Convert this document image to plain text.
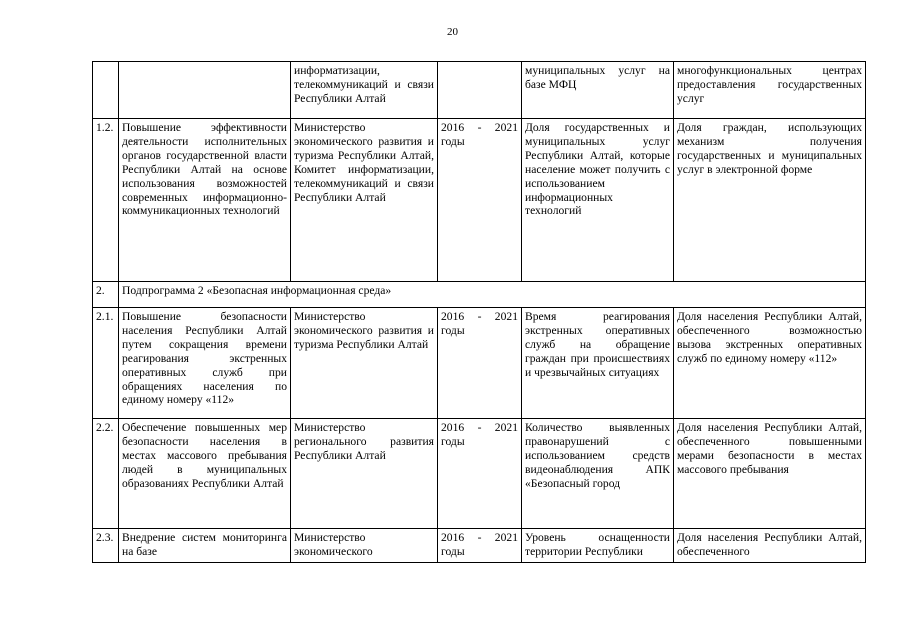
20
		информатизации, телекоммуникаций и связи Республики Алтай		муниципальных услуг на базе МФЦ	многофункциональных центрах предоставления государственных услуг
1.2.	Повышение эффективности деятельности исполнительных органов государственной власти Республики Алтай на основе использования возможностей современных информационно-коммуникационных технологий	Министерство экономического развития и туризма Республики Алтай, Комитет информатизации, телекоммуникаций и связи Республики Алтай	2016 - 2021 годы	Доля государственных и муниципальных услуг Республики Алтай, которые население может получить с использованием информационных технологий	Доля граждан, использующих механизм получения государственных и муниципальных услуг в электронной форме
2.	Подпрограмма 2 «Безопасная информационная среда»				
2.1.	Повышение безопасности населения Республики Алтай путем сокращения времени реагирования экстренных оперативных служб при обращениях населения по единому номеру «112»	Министерство экономического развития и туризма Республики Алтай	2016 - 2021 годы	Время реагирования экстренных оперативных служб на обращение граждан при происшествиях и чрезвычайных ситуациях	Доля населения Республики Алтай, обеспеченного возможностью вызова экстренных оперативных служб по единому номеру «112»
2.2.	Обеспечение повышенных мер безопасности населения в местах массового пребывания людей в муниципальных образованиях Республики Алтай	Министерство регионального развития Республики Алтай	2016 - 2021 годы	Количество выявленных правонарушений с использованием средств видеонаблюдения АПК «Безопасный город	Доля населения Республики Алтай, обеспеченного повышенными мерами безопасности в местах массового пребывания
2.3.	Внедрение систем мониторинга на базе	Министерство экономического	2016 - 2021 годы	Уровень оснащенности территории Республики	Доля населения Республики Алтай, обеспеченного
